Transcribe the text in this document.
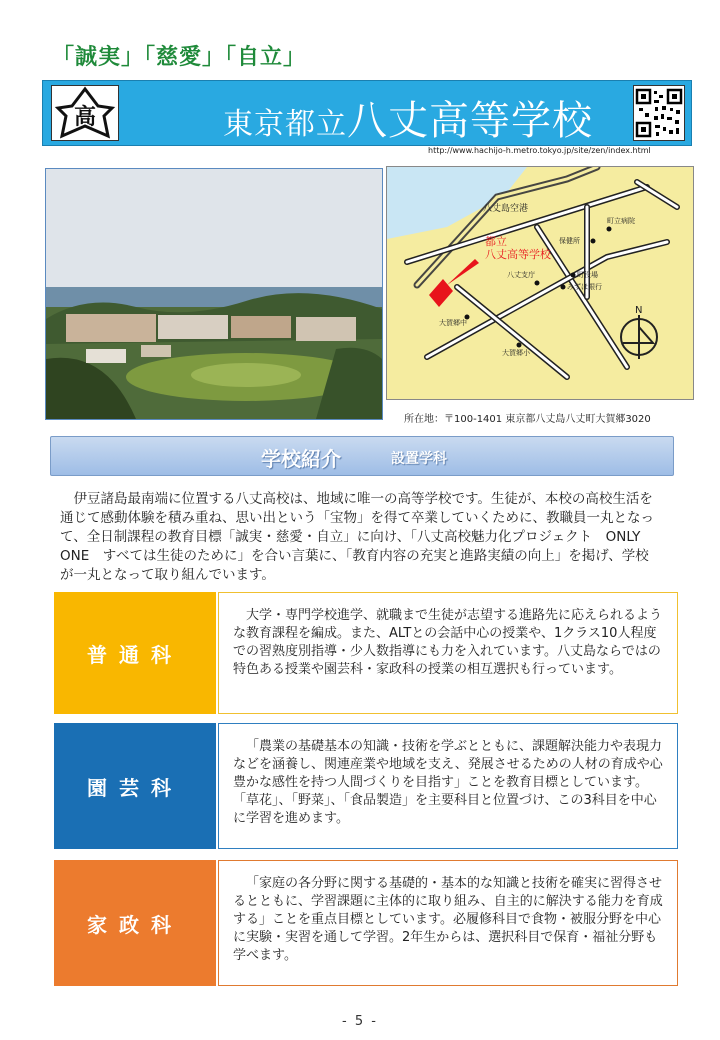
「誠実」「慈愛」「自立」
高	東京都立八丈高等学校
http://www.hachijo-h.metro.tokyo.jp/site/zen/index.html
八丈島空港
都立
八丈高等学校
町立病院
保健所
八丈支庁	町役場
みずほ銀行
大賀郷中
大賀郷小
N
所在地：〒100-1401 東京都八丈島八丈町大賀郷3020
学校紹介	設置学科
伊豆諸島最南端に位置する八丈高校は、地域に唯一の高等学校です。生徒が、本校の高校生活を通じて感動体験を積み重ね、思い出という「宝物」を得て卒業していくために、教職員一丸となって、全日制課程の教育目標「誠実・慈愛・自立」に向け、「八丈高校魅力化プロジェクト　ONLY ONE　すべては生徒のために」を合い言葉に、「教育内容の充実と進路実績の向上」を掲げ、学校が一丸となって取り組んでいます。
普通科
大学・専門学校進学、就職まで生徒が志望する進路先に応えられるような教育課程を編成。また、ALTとの会話中心の授業や、1クラス10人程度での習熟度別指導・少人数指導にも力を入れています。八丈島ならではの特色ある授業や園芸科・家政科の授業の相互選択も行っています。
園芸科
「農業の基礎基本の知識・技術を学ぶとともに、課題解決能力や表現力などを涵養し、関連産業や地域を支え、発展させるための人材の育成や心豊かな感性を持つ人間づくりを目指す」ことを教育目標としています。「草花」、「野菜」、「食品製造」を主要科目と位置づけ、この3科目を中心に学習を進めます。
家政科
「家庭の各分野に関する基礎的・基本的な知識と技術を確実に習得させるとともに、学習課題に主体的に取り組み、自主的に解決する能力を育成する」ことを重点目標としています。必履修科目で食物・被服分野を中心に実験・実習を通して学習。2年生からは、選択科目で保育・福祉分野も学べます。
- 5 -
